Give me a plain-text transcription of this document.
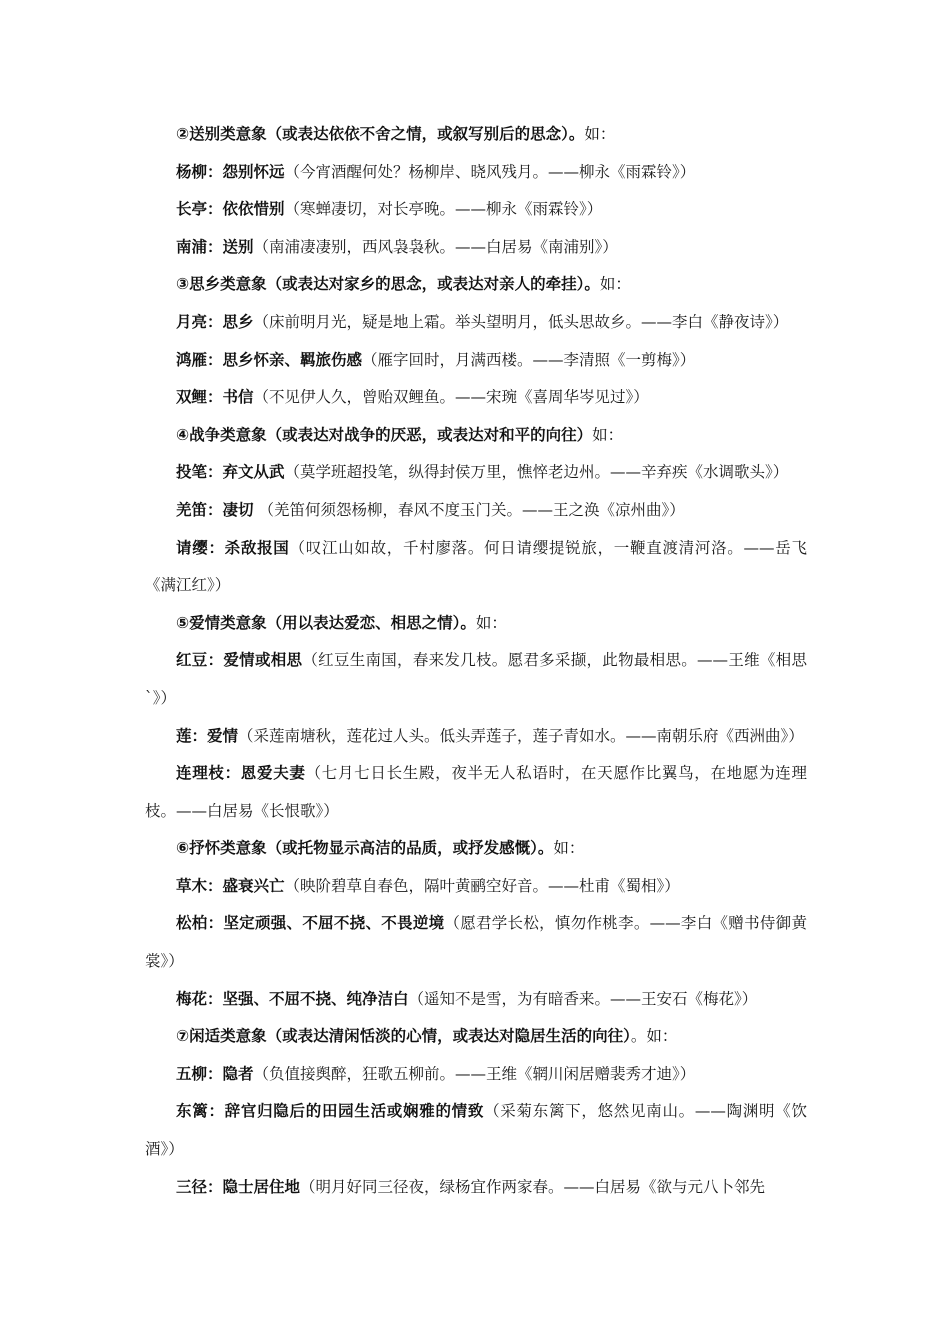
②送别类意象（或表达依依不舍之情，或叙写别后的思念）。如：

杨柳：怨别怀远（今宵酒醒何处？杨柳岸、晓风残月。——柳永《雨霖铃》）

长亭：依依惜别（寒蝉凄切，对长亭晚。——柳永《雨霖铃》）

南浦：送别（南浦凄凄别，西风袅袅秋。——白居易《南浦别》）

③思乡类意象（或表达对家乡的思念，或表达对亲人的牵挂）。如：

月亮：思乡（床前明月光，疑是地上霜。举头望明月，低头思故乡。——李白《静夜诗》）

鸿雁：思乡怀亲、羁旅伤感（雁字回时，月满西楼。——李清照《一剪梅》）

双鲤：书信（不见伊人久，曾贻双鲤鱼。——宋琬《喜周华岑见过》）

④战争类意象（或表达对战争的厌恶，或表达对和平的向往）如：

投笔：弃文从武（莫学班超投笔，纵得封侯万里，憔悴老边州。——辛弃疾《水调歌头》）

羌笛：凄切 （羌笛何须怨杨柳，春风不度玉门关。——王之涣《凉州曲》）

请缨：杀敌报国（叹江山如故，千村廖落。何日请缨提锐旅，一鞭直渡清河洛。——岳飞《满江红》）

⑤爱情类意象（用以表达爱恋、相思之情）。如：

红豆：爱情或相思（红豆生南国，春来发几枝。愿君多采撷，此物最相思。——王维《相思`》）

莲：爱情（采莲南塘秋，莲花过人头。低头弄莲子，莲子青如水。——南朝乐府《西洲曲》）

连理枝：恩爱夫妻（七月七日长生殿，夜半无人私语时，在天愿作比翼鸟，在地愿为连理枝。——白居易《长恨歌》）

⑥抒怀类意象（或托物显示高洁的品质，或抒发感慨）。如：

草木：盛衰兴亡（映阶碧草自春色，隔叶黄鹂空好音。——杜甫《蜀相》）

松柏：坚定顽强、不屈不挠、不畏逆境（愿君学长松，慎勿作桃李。——李白《赠书侍御黄裳》）

梅花：坚强、不屈不挠、纯净洁白（遥知不是雪，为有暗香来。——王安石《梅花》）

⑦闲适类意象（或表达清闲恬淡的心情，或表达对隐居生活的向往）。如：

五柳：隐者（负值接舆醉，狂歌五柳前。——王维《辋川闲居赠裴秀才迪》）

东篱：辞官归隐后的田园生活或娴雅的情致（采菊东篱下，悠然见南山。——陶渊明《饮酒》）

三径：隐士居住地（明月好同三径夜，绿杨宜作两家春。——白居易《欲与元八卜邻先
